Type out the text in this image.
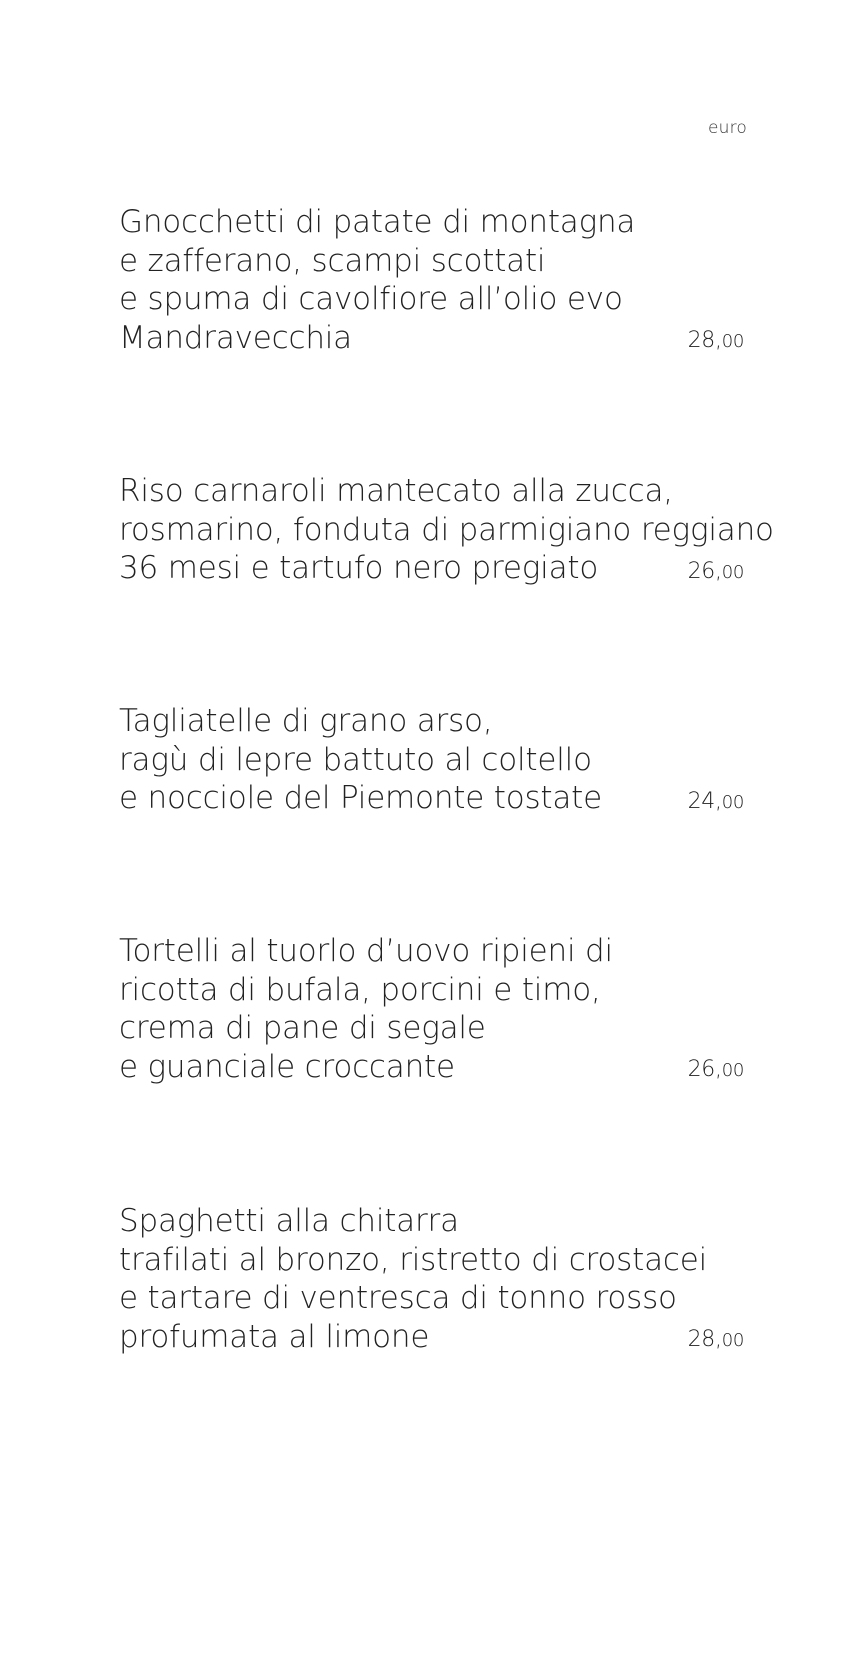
euro
Gnocchetti di patate di montagna
e zafferano, scampi scottati
e spuma di cavolfiore all’olio evo
Mandravecchia	28,00
Riso carnaroli mantecato alla zucca,
rosmarino, fonduta di parmigiano reggiano
36 mesi e tartufo nero pregiato	26,00
Tagliatelle di grano arso,
ragù di lepre battuto al coltello
e nocciole del Piemonte tostate	24,00
Tortelli al tuorlo d’uovo ripieni di
ricotta di bufala, porcini e timo,
crema di pane di segale
e guanciale croccante	26,00
Spaghetti alla chitarra
trafilati al bronzo, ristretto di crostacei
e tartare di ventresca di tonno rosso
profumata al limone	28,00
